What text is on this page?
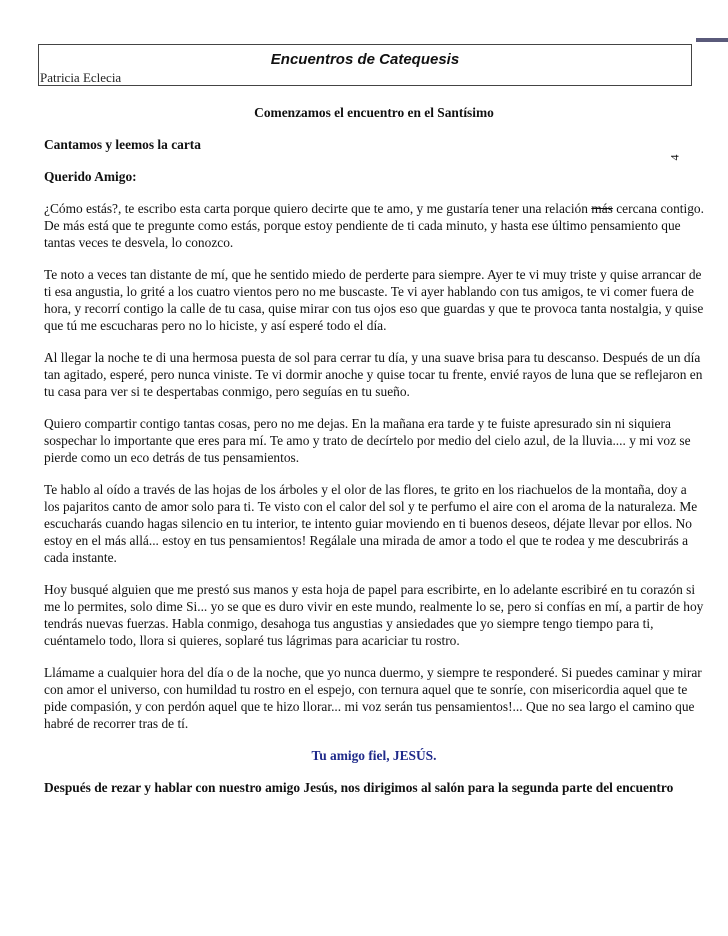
Encuentros de Catequesis
Patricia Eclecia
4

Comenzamos el encuentro en el Santísimo

Cantamos y leemos la carta

Querido Amigo:

¿Cómo estás?, te escribo esta carta porque quiero decirte que te amo, y me gustaría tener una relación más cercana contigo. De más está que te pregunte como estás, porque estoy pendiente de ti cada minuto, y hasta ese último pensamiento que tantas veces te desvela, lo conozco.

Te noto a veces tan distante de mí, que he sentido miedo de perderte para siempre. Ayer te vi muy triste y quise arrancar de ti esa angustia, lo grité a los cuatro vientos pero no me buscaste. Te vi ayer hablando con tus amigos, te vi comer fuera de hora, y recorrí contigo la calle de tu casa, quise mirar con tus ojos eso que guardas y que te provoca tanta nostalgia, y quise que tú me escucharas pero no lo hiciste, y así esperé todo el día.

Al llegar la noche te di una hermosa puesta de sol para cerrar tu día, y una suave brisa para tu descanso. Después de un día tan agitado, esperé, pero nunca viniste. Te vi dormir anoche y quise tocar tu frente, envié rayos de luna que se reflejaron en tu casa para ver si te despertabas conmigo, pero seguías en tu sueño.

Quiero compartir contigo tantas cosas, pero no me dejas. En la mañana era tarde y te fuiste apresurado sin ni siquiera sospechar lo importante que eres para mí. Te amo y trato de decírtelo por medio del cielo azul, de la lluvia.... y mi voz se pierde como un eco detrás de tus pensamientos.

Te hablo al oído a través de las hojas de los árboles y el olor de las flores, te grito en los riachuelos de la montaña, doy a los pajaritos canto de amor solo para ti. Te visto con el calor del sol y te perfumo el aire con el aroma de la naturaleza. Me escucharás cuando hagas silencio en tu interior, te intento guiar moviendo en ti buenos deseos, déjate llevar por ellos. No estoy en el más allá... estoy en tus pensamientos! Regálale una mirada de amor a todo el que te rodea y me descubrirás a cada instante.

Hoy busqué alguien que me prestó sus manos y esta hoja de papel para escribirte, en lo adelante escribiré en tu corazón si me lo permites, solo dime Si... yo se que es duro vivir en este mundo, realmente lo se, pero si confías en mí, a partir de hoy tendrás nuevas fuerzas. Habla conmigo, desahoga tus angustias y ansiedades que yo siempre tengo tiempo para ti, cuéntamelo todo, llora si quieres, soplaré tus lágrimas para acariciar tu rostro.

Llámame a cualquier hora del día o de la noche, que yo nunca duermo, y siempre te responderé. Si puedes caminar y mirar con amor el universo, con humildad tu rostro en el espejo, con ternura aquel que te sonríe, con misericordia aquel que te pide compasión, y con perdón aquel que te hizo llorar... mi voz serán tus pensamientos!... Que no sea largo el camino que habré de recorrer tras de tí.

Tu amigo fiel, JESÚS.

Después de rezar y hablar con nuestro amigo Jesús, nos dirigimos al salón para la segunda parte del encuentro
